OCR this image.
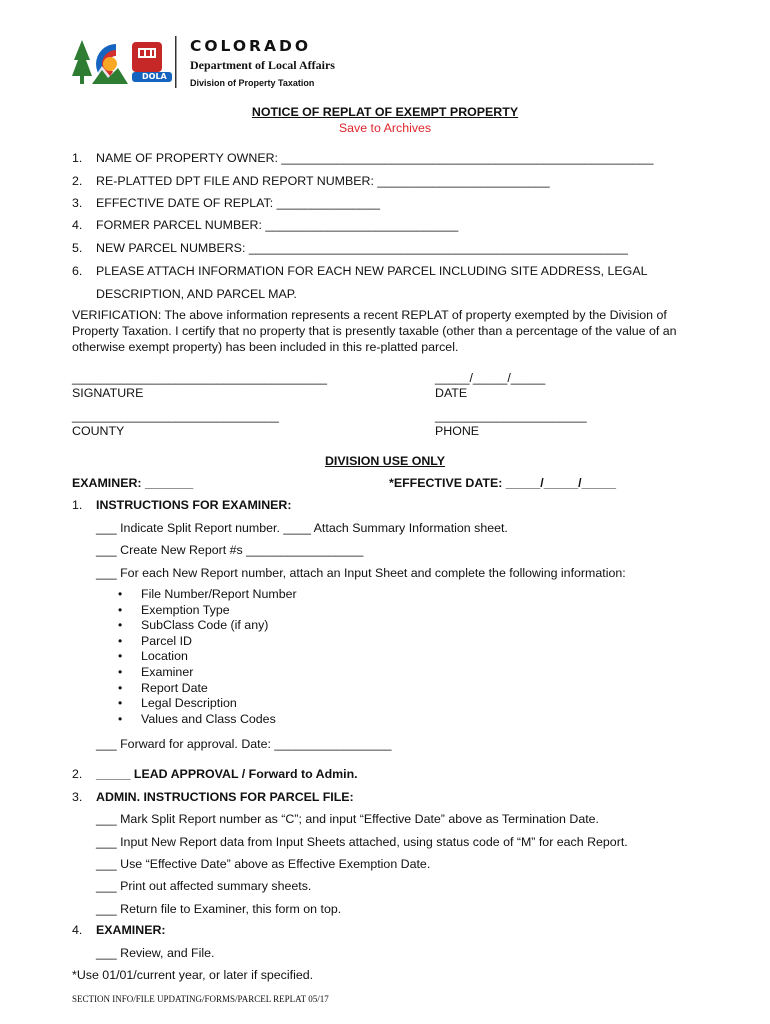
DOLA
COLORADO
Department of Local Affairs
Division of Property Taxation
NOTICE OF REPLAT OF EXEMPT PROPERTY
Save to Archives
1. NAME OF PROPERTY OWNER: ______________________________________________________
2. RE-PLATTED DPT FILE AND REPORT NUMBER: _________________________
3. EFFECTIVE DATE OF REPLAT: _______________
4. FORMER PARCEL NUMBER: ____________________________
5. NEW PARCEL NUMBERS: _______________________________________________________
6. PLEASE ATTACH INFORMATION FOR EACH NEW PARCEL INCLUDING SITE ADDRESS, LEGAL
DESCRIPTION, AND PARCEL MAP.
VERIFICATION: The above information represents a recent REPLAT of property exempted by the Division of
Property Taxation. I certify that no property that is presently taxable (other than a percentage of the value of an
otherwise exempt property) has been included in this re-platted parcel.
_____________________________________
SIGNATURE
_____/_____/_____
DATE
______________________________
COUNTY
______________________
PHONE
DIVISION USE ONLY
EXAMINER: _______	*EFFECTIVE DATE: _____/_____/_____
1. INSTRUCTIONS FOR EXAMINER:
___ Indicate Split Report number. ____ Attach Summary Information sheet.
___ Create New Report #s _________________
___ For each New Report number, attach an Input Sheet and complete the following information:
• File Number/Report Number
• Exemption Type
• SubClass Code (if any)
• Parcel ID
• Location
• Examiner
• Report Date
• Legal Description
• Values and Class Codes
___ Forward for approval. Date: _________________
2. _____ LEAD APPROVAL / Forward to Admin.
3. ADMIN. INSTRUCTIONS FOR PARCEL FILE:
___ Mark Split Report number as “C”; and input “Effective Date” above as Termination Date.
___ Input New Report data from Input Sheets attached, using status code of “M” for each Report.
___ Use “Effective Date” above as Effective Exemption Date.
___ Print out affected summary sheets.
___ Return file to Examiner, this form on top.
4. EXAMINER:
___ Review, and File.
*Use 01/01/current year, or later if specified.
SECTION INFO/FILE UPDATING/FORMS/PARCEL REPLAT 05/17
